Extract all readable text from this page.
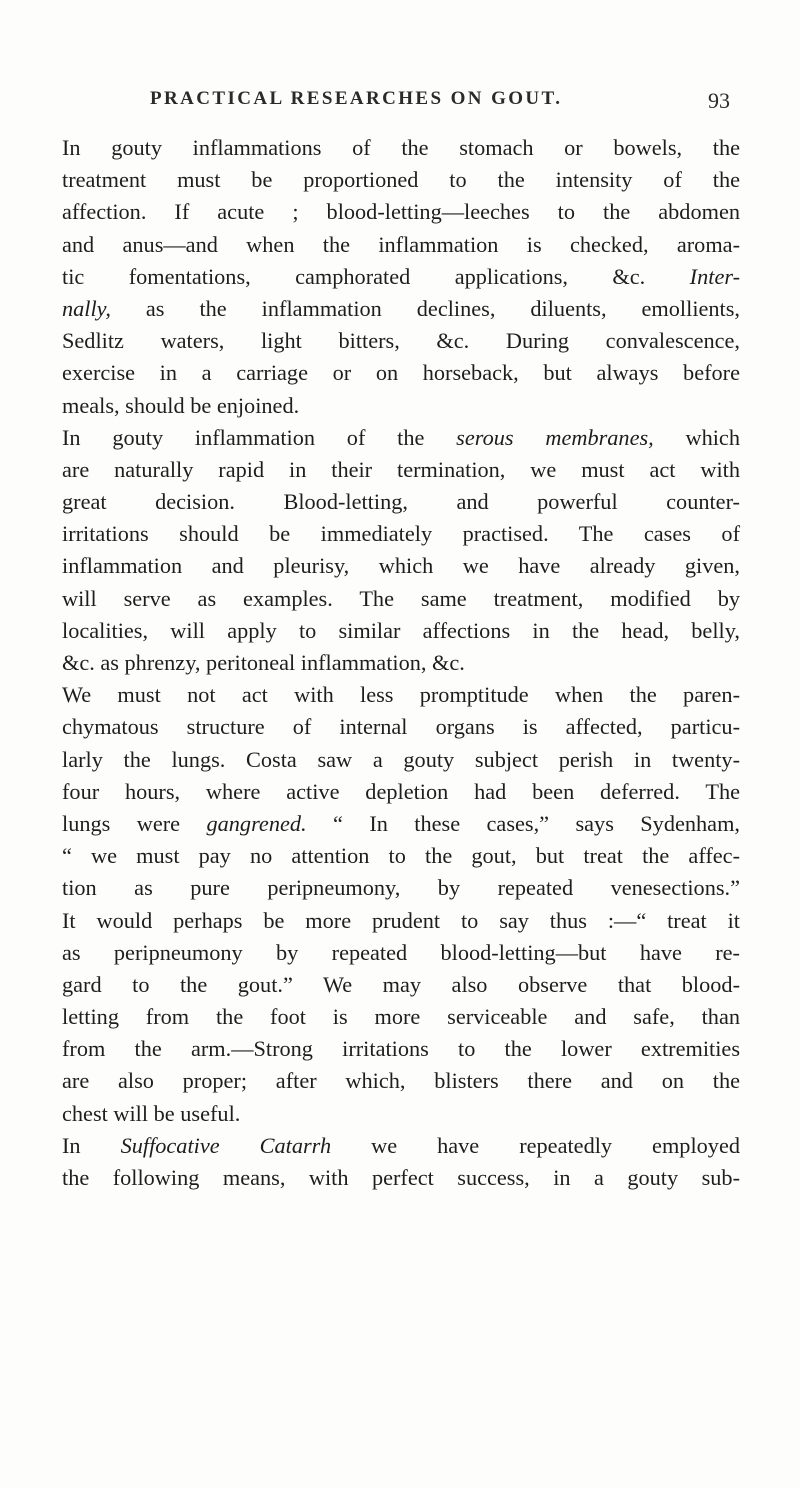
PRACTICAL RESEARCHES ON GOUT.	93
In gouty inflammations of the stomach or bowels, the
treatment must be proportioned to the intensity of the
affection. If acute ; blood-letting—leeches to the abdomen
and anus—and when the inflammation is checked, aroma-
tic fomentations, camphorated applications, &c. Inter-
nally, as the inflammation declines, diluents, emollients,
Sedlitz waters, light bitters, &c. During convalescence,
exercise in a carriage or on horseback, but always before
meals, should be enjoined.
In gouty inflammation of the serous membranes, which
are naturally rapid in their termination, we must act with
great decision. Blood-letting, and powerful counter-
irritations should be immediately practised. The cases of
inflammation and pleurisy, which we have already given,
will serve as examples. The same treatment, modified by
localities, will apply to similar affections in the head, belly,
&c. as phrenzy, peritoneal inflammation, &c.
We must not act with less promptitude when the paren-
chymatous structure of internal organs is affected, particu-
larly the lungs. Costa saw a gouty subject perish in twenty-
four hours, where active depletion had been deferred. The
lungs were gangrened. “ In these cases,” says Sydenham,
“ we must pay no attention to the gout, but treat the affec-
tion as pure peripneumony, by repeated venesections.”
It would perhaps be more prudent to say thus :—“ treat it
as peripneumony by repeated blood-letting—but have re-
gard to the gout.” We may also observe that blood-
letting from the foot is more serviceable and safe, than
from the arm.—Strong irritations to the lower extremities
are also proper; after which, blisters there and on the
chest will be useful.
In Suffocative Catarrh we have repeatedly employed
the following means, with perfect success, in a gouty sub-
